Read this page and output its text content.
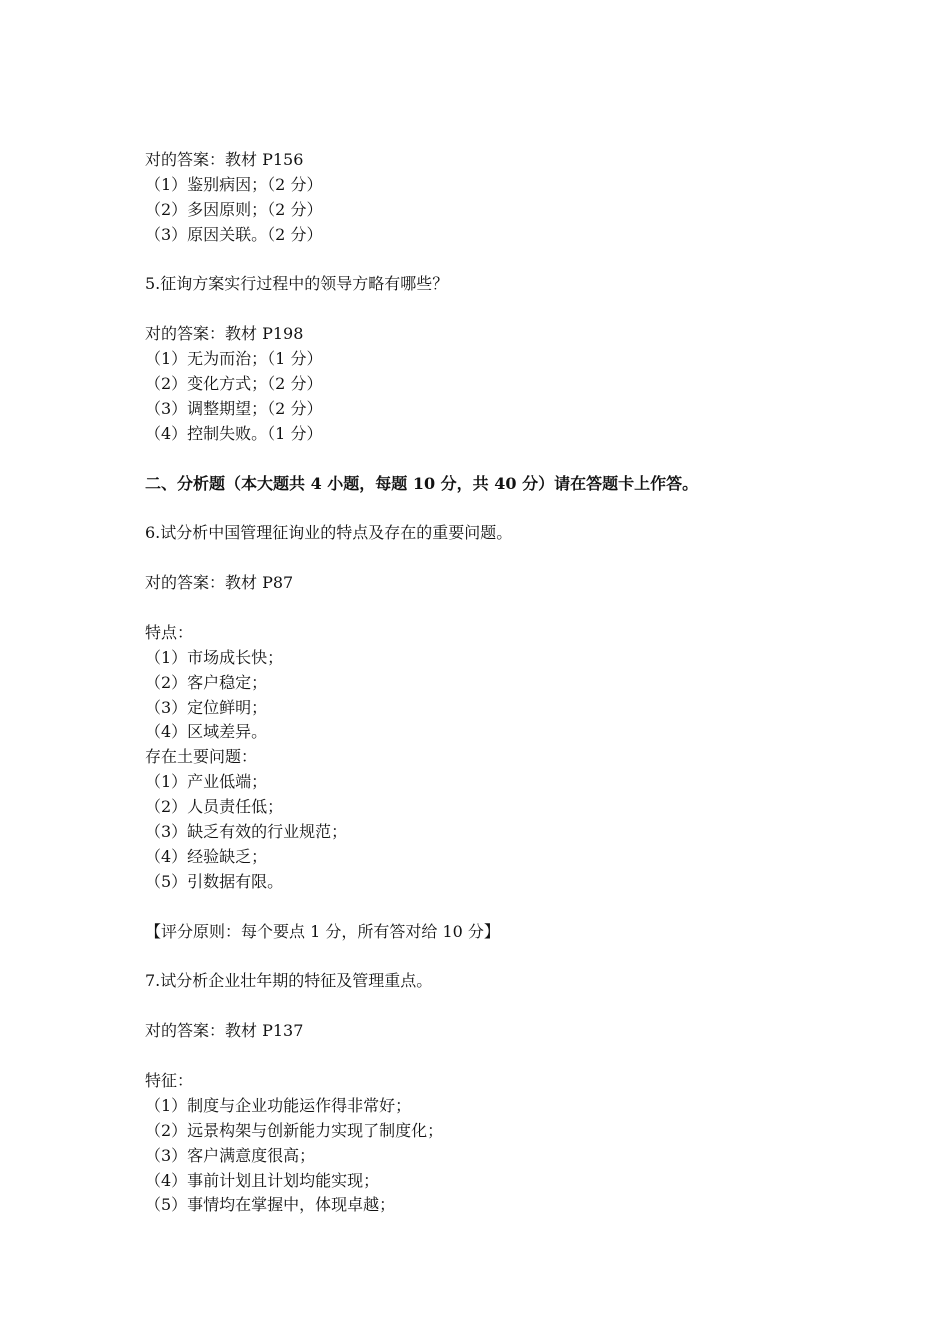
对的答案：教材 P156
（1）鉴别病因；（2 分）
（2）多因原则；（2 分）
（3）原因关联。（2 分）
5.征询方案实行过程中的领导方略有哪些？
对的答案：教材 P198
（1）无为而治；（1 分）
（2）变化方式；（2 分）
（3）调整期望；（2 分）
（4）控制失败。（1 分）
二、分析题（本大题共 4 小题，每题 10 分，共 40 分）请在答题卡上作答。
6.试分析中国管理征询业的特点及存在的重要问题。
对的答案：教材 P87
特点：
（1）市场成长快；
（2）客户稳定；
（3）定位鲜明；
（4）区域差异。
存在土要问题：
（1）产业低端；
（2）人员责任低；
（3）缺乏有效的行业规范；
（4）经验缺乏；
（5）引数据有限。
【评分原则：每个要点 1 分，所有答对给 10 分】
7.试分析企业壮年期的特征及管理重点。
对的答案：教材 P137
特征：
（1）制度与企业功能运作得非常好；
（2）远景构架与创新能力实现了制度化；
（3）客户满意度很高；
（4）事前计划且计划均能实现；
（5）事情均在掌握中，体现卓越；
